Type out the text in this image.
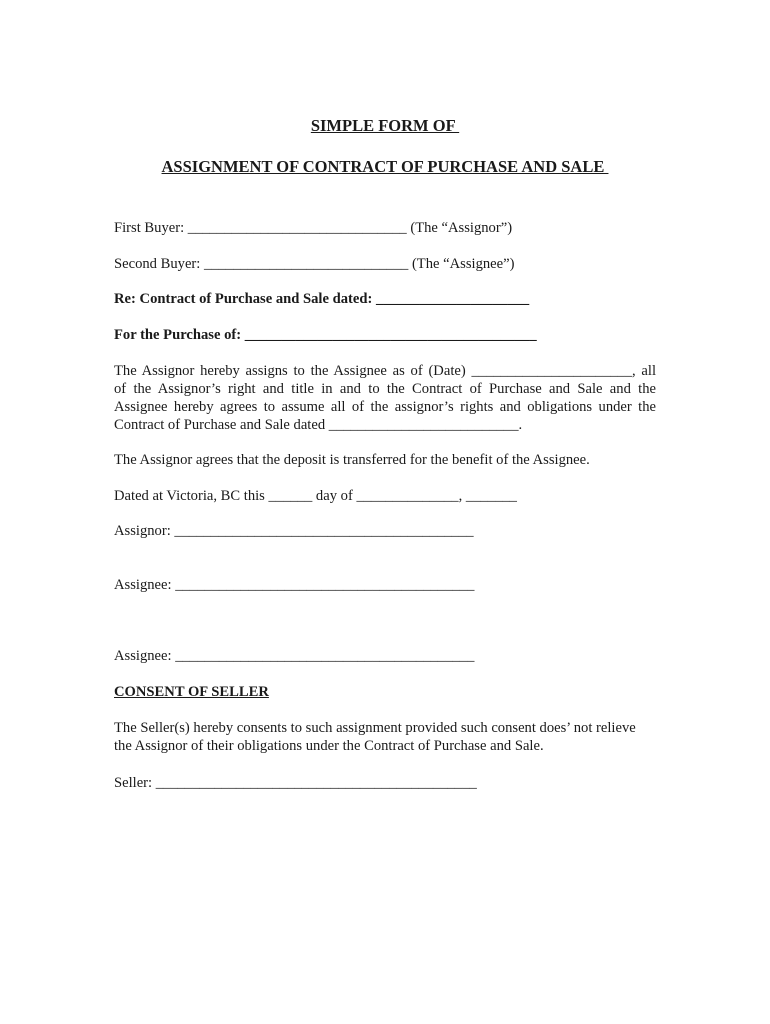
SIMPLE FORM OF
ASSIGNMENT OF CONTRACT OF PURCHASE AND SALE
First Buyer: ______________________________ (The “Assignor”)
Second Buyer: ____________________________ (The “Assignee”)
Re: Contract of Purchase and Sale dated: _____________________
For the Purchase of: ________________________________________
The Assignor hereby assigns to the Assignee as of (Date) ______________________, all
of the Assignor’s right and title in and to the Contract of Purchase and Sale and the
Assignee hereby agrees to assume all of the assignor’s rights and obligations under the
Contract of Purchase and Sale dated __________________________.
The Assignor agrees that the deposit is transferred for the benefit of the Assignee.
Dated at Victoria, BC this ______ day of ______________, _______
Assignor: _________________________________________
Assignee: _________________________________________
Assignee: _________________________________________
CONSENT OF SELLER
The Seller(s) hereby consents to such assignment provided such consent does’ not relieve
the Assignor of their obligations under the Contract of Purchase and Sale.
Seller: ____________________________________________
